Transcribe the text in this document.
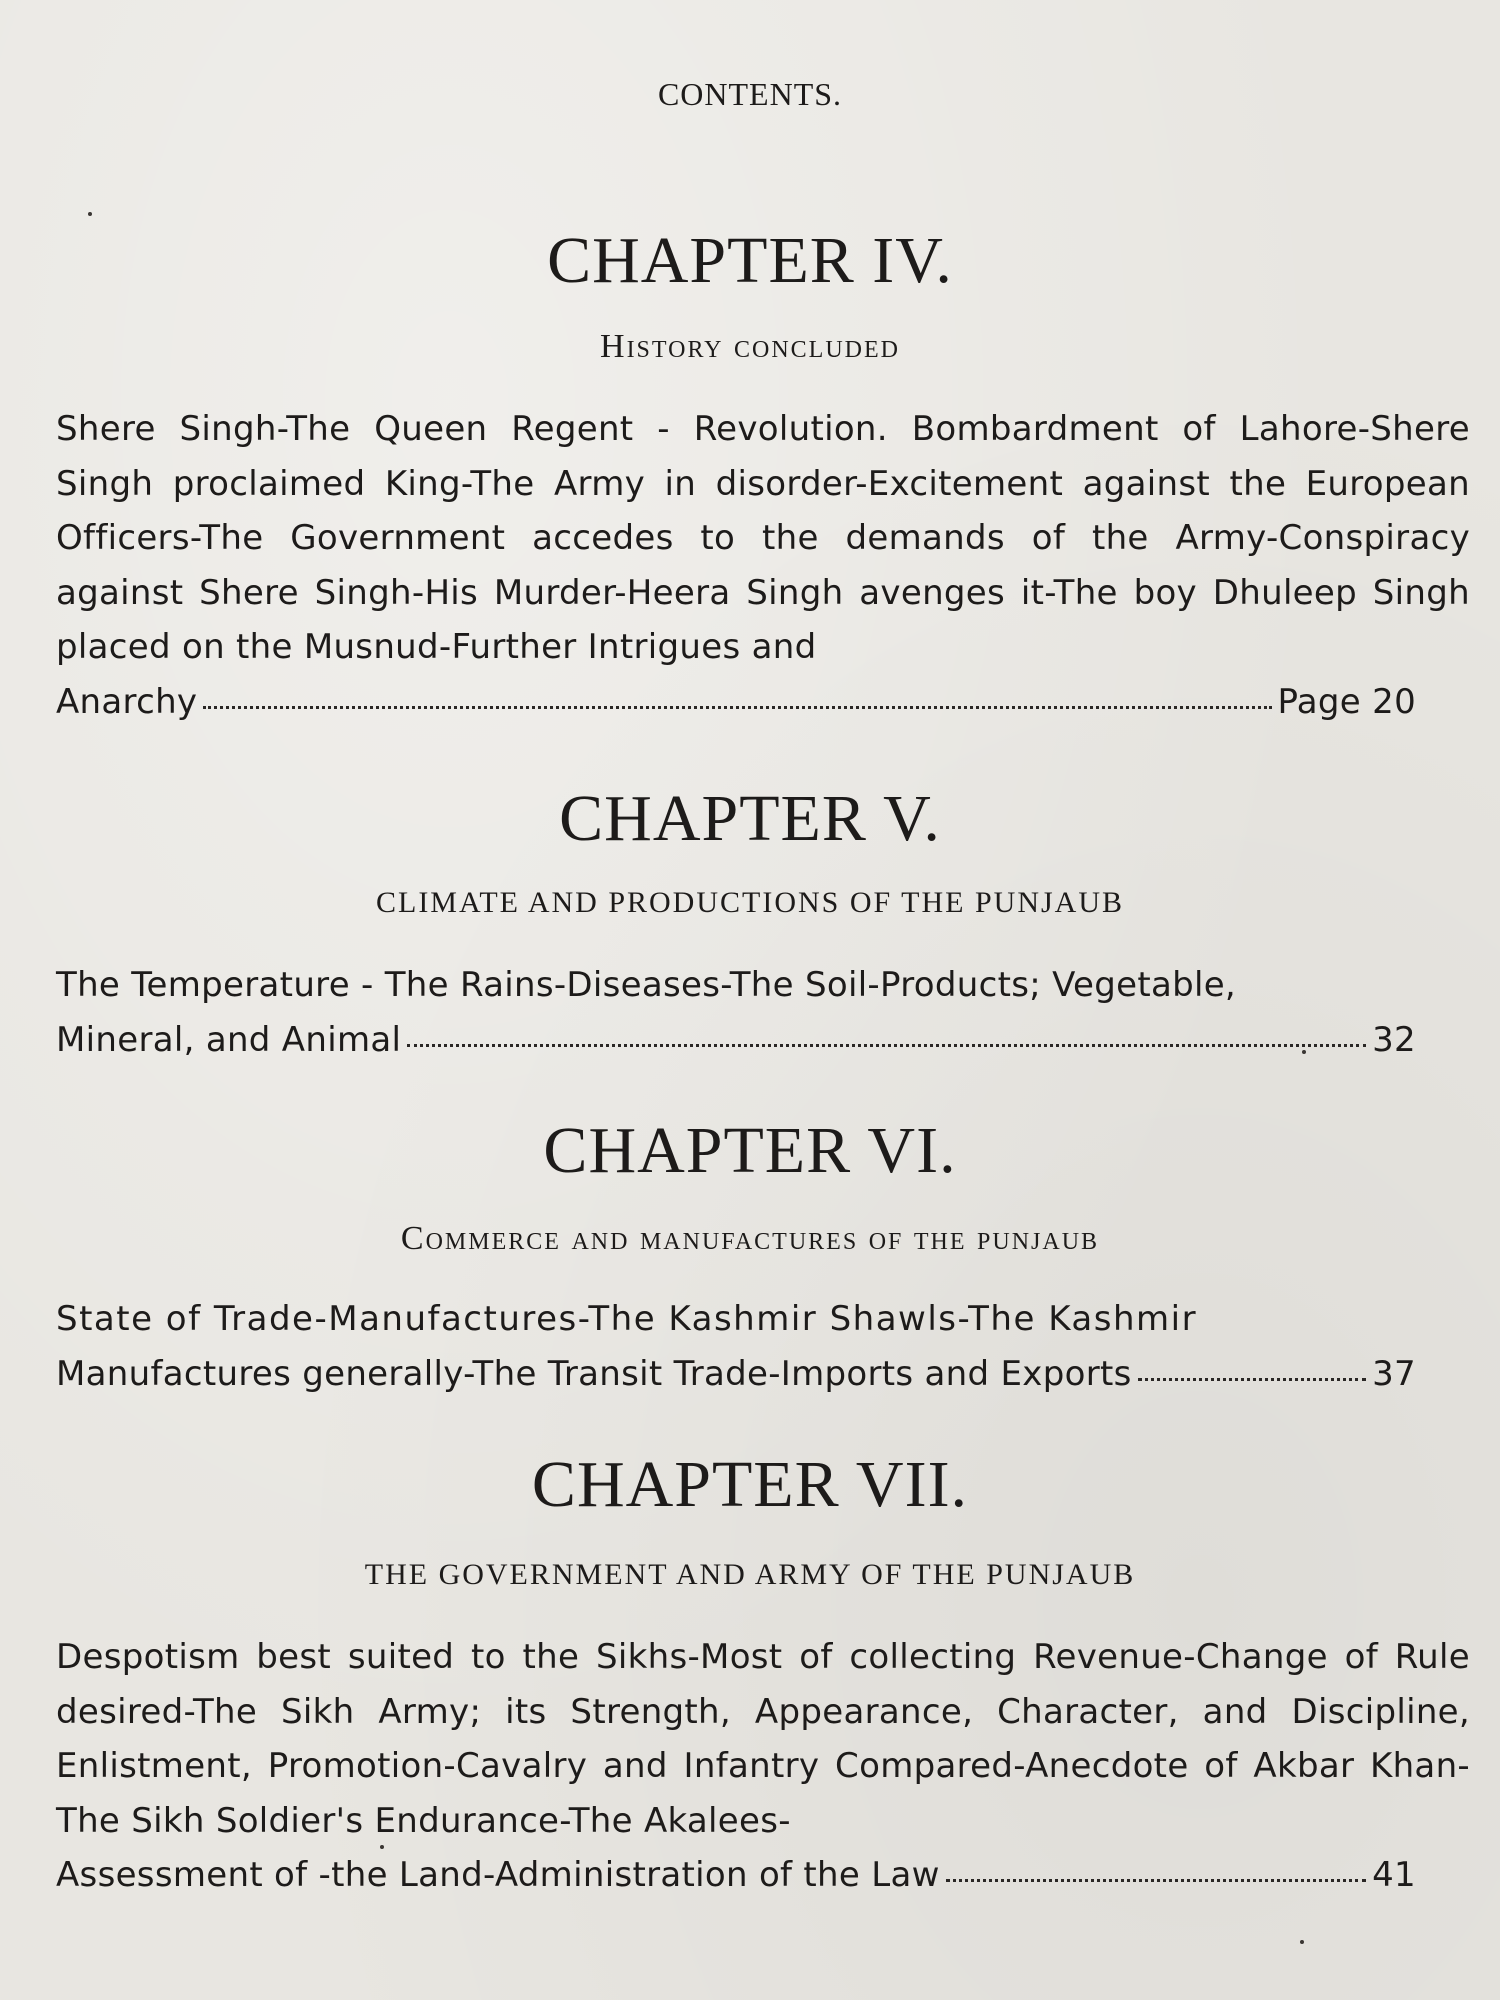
CONTENTS.
CHAPTER IV.
History concluded
Shere Singh-The Queen Regent - Revolution. Bombardment of Lahore-Shere Singh proclaimed King-The Army in disorder-Excitement against the European Officers-The Government accedes to the demands of the Army-Conspiracy against Shere Singh-His Murder-Heera Singh avenges it-The boy Dhuleep Singh placed on the Musnud-Further Intrigues and
Anarchy	Page 20
CHAPTER V.
CLIMATE AND PRODUCTIONS OF THE PUNJAUB
The Temperature - The Rains-Diseases-The Soil-Products; Vegetable,
Mineral, and Animal	32
CHAPTER VI.
Commerce and manufactures of the punjaub
State of Trade-Manufactures-The Kashmir Shawls-The Kashmir
Manufactures generally-The Transit Trade-Imports and Exports	37
CHAPTER VII.
THE GOVERNMENT AND ARMY OF THE PUNJAUB
Despotism best suited to the Sikhs-Most of collecting Revenue-Change of Rule desired-The Sikh Army; its Strength, Appearance, Character, and Discipline, Enlistment, Promotion-Cavalry and Infantry Compared-Anecdote of Akbar Khan-The Sikh Soldier's Endurance-The Akalees-
Assessment of -the Land-Administration of the Law	41
